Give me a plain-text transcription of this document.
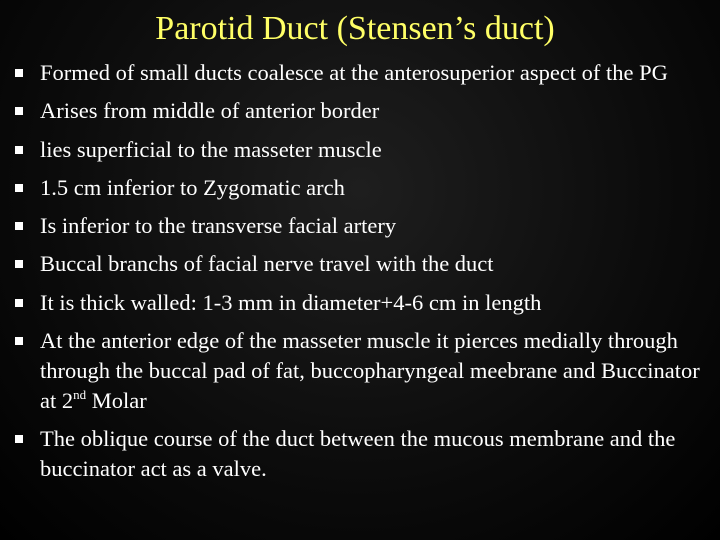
Parotid Duct (Stensen’s duct)
Formed of small ducts coalesce at the anterosuperior aspect of the PG
Arises from middle of anterior border
lies superficial to the masseter muscle
1.5 cm inferior to Zygomatic arch
Is inferior to the transverse facial artery
Buccal branchs of facial nerve travel with the duct
It is thick walled: 1-3 mm in diameter+4-6 cm in length
At the anterior edge of the masseter muscle it pierces medially through through the buccal pad of fat, buccopharyngeal meebrane and Buccinator at 2nd Molar
The oblique course of the duct between the mucous membrane and the buccinator act as a valve.
